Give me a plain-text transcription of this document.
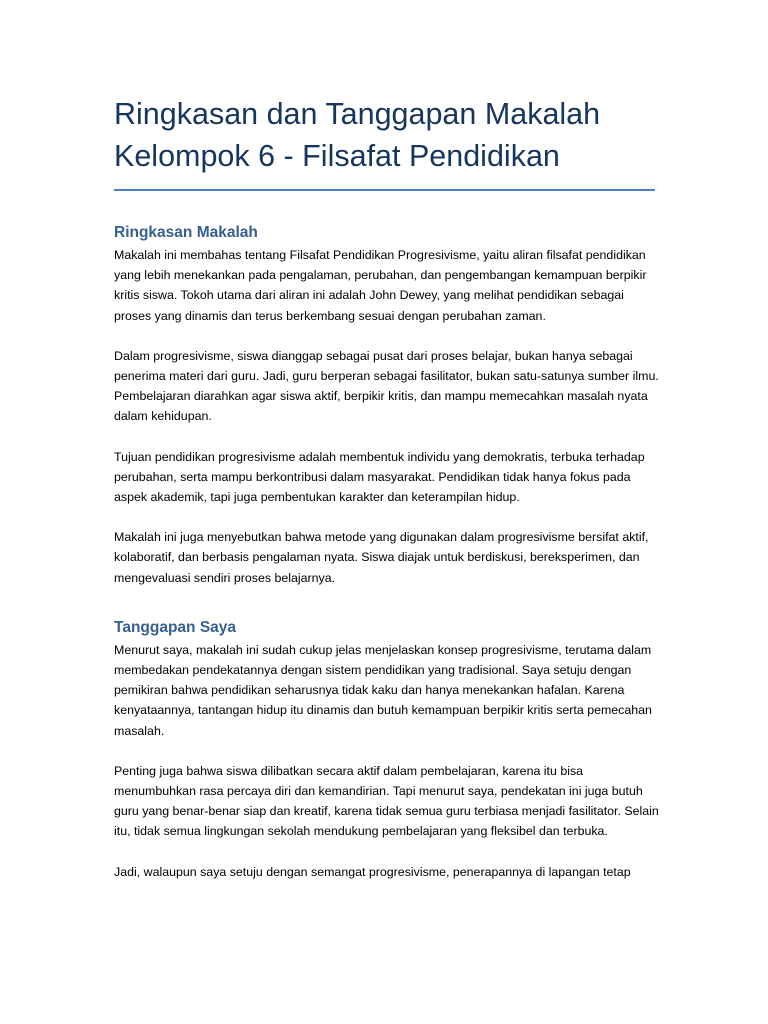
Ringkasan dan Tanggapan Makalah Kelompok 6 - Filsafat Pendidikan
Ringkasan Makalah

Makalah ini membahas tentang Filsafat Pendidikan Progresivisme, yaitu aliran filsafat pendidikan yang lebih menekankan pada pengalaman, perubahan, dan pengembangan kemampuan berpikir kritis siswa. Tokoh utama dari aliran ini adalah John Dewey, yang melihat pendidikan sebagai proses yang dinamis dan terus berkembang sesuai dengan perubahan zaman.

Dalam progresivisme, siswa dianggap sebagai pusat dari proses belajar, bukan hanya sebagai penerima materi dari guru. Jadi, guru berperan sebagai fasilitator, bukan satu-satunya sumber ilmu. Pembelajaran diarahkan agar siswa aktif, berpikir kritis, dan mampu memecahkan masalah nyata dalam kehidupan.

Tujuan pendidikan progresivisme adalah membentuk individu yang demokratis, terbuka terhadap perubahan, serta mampu berkontribusi dalam masyarakat. Pendidikan tidak hanya fokus pada aspek akademik, tapi juga pembentukan karakter dan keterampilan hidup.

Makalah ini juga menyebutkan bahwa metode yang digunakan dalam progresivisme bersifat aktif, kolaboratif, dan berbasis pengalaman nyata. Siswa diajak untuk berdiskusi, bereksperimen, dan mengevaluasi sendiri proses belajarnya.

Tanggapan Saya

Menurut saya, makalah ini sudah cukup jelas menjelaskan konsep progresivisme, terutama dalam membedakan pendekatannya dengan sistem pendidikan yang tradisional. Saya setuju dengan pemikiran bahwa pendidikan seharusnya tidak kaku dan hanya menekankan hafalan. Karena kenyataannya, tantangan hidup itu dinamis dan butuh kemampuan berpikir kritis serta pemecahan masalah.

Penting juga bahwa siswa dilibatkan secara aktif dalam pembelajaran, karena itu bisa menumbuhkan rasa percaya diri dan kemandirian. Tapi menurut saya, pendekatan ini juga butuh guru yang benar-benar siap dan kreatif, karena tidak semua guru terbiasa menjadi fasilitator. Selain itu, tidak semua lingkungan sekolah mendukung pembelajaran yang fleksibel dan terbuka.

Jadi, walaupun saya setuju dengan semangat progresivisme, penerapannya di lapangan tetap
